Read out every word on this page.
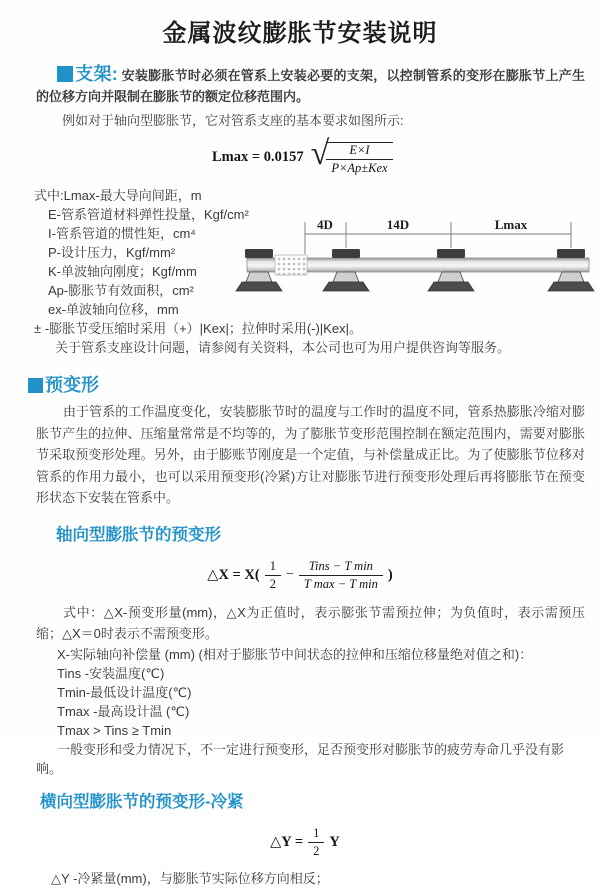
金属波纹膨胀节安装说明

支架: 安装膨胀节时必须在管系上安装必要的支架，以控制管系的变形在膨胀节上产生的位移方向并限制在膨胀节的额定位移范围内。

例如对于轴向型膨胀节，它对管系支座的基本要求如图所示:

Lmax = 0.0157 √
$\frac{E\times I}{\text{P×Ap±Kex}}$
式中:Lmax-最大导向间距，m
E-管系管道材料弹性投量，Kgf/cm²
I-管系管道的惯性矩，cm⁴
P-设计压力，Kgf/mm²
K-单波轴向刚度；Kgf/mm
Ap-膨胀节有效面积，cm²
ex-单波轴向位移，mm
± -膨胀节受压缩时采用（+）|Kex|；拉伸时采用(-)|Kex|。
关于管系支座设计问题，请参阅有关资料，本公司也可为用户提供咨询等服务。
4D	14D	Lmax
预变形

由于管系的工作温度变化，安装膨胀节时的温度与工作时的温度不同，管系热膨胀冷缩对膨胀节产生的拉伸、压缩量常常是不均等的，为了膨胀节变形范围控制在额定范围内，需要对膨胀节采取预变形处理。另外，由于膨账节刚度是一个定值，与补偿量成正比。为了使膨胀节位移对管系的作用力最小，也可以采用预变形(冷紧)方让对膨胀节进行预变形处理后再将膨胀节在预变形状态下安装在管系中。

轴向型膨胀节的预变形
△X = $X( \frac{1}{2} - \frac{\text{Tins − T min}}{\text{T max − T min}}$ )

式中：△X-预变形量(mm)，△X为正值时，表示膨张节需预拉伸；为负值时，表示需预压缩；△X＝0时表示不需预变形。

X-实际轴向补偿量 (mm) (相对于膨胀节中间状态的拉伸和压缩位移量绝对值之和)：
Tins -安装温度(℃)
Tmin-最低设计温度(℃)
Tmax -最高设计温 (℃)
Tmax > Tins ≥ Tmin
一般变形和受力情况下，不一定进行预变形，足否预变形对膨胀节的疲劳寿命几乎没有影响。
横向型膨胀节的预变形-冷紧
△Y = $\frac{1}{2}$ Y
△Y -冷紧量(mm)，与膨胀节实际位移方向相反；
